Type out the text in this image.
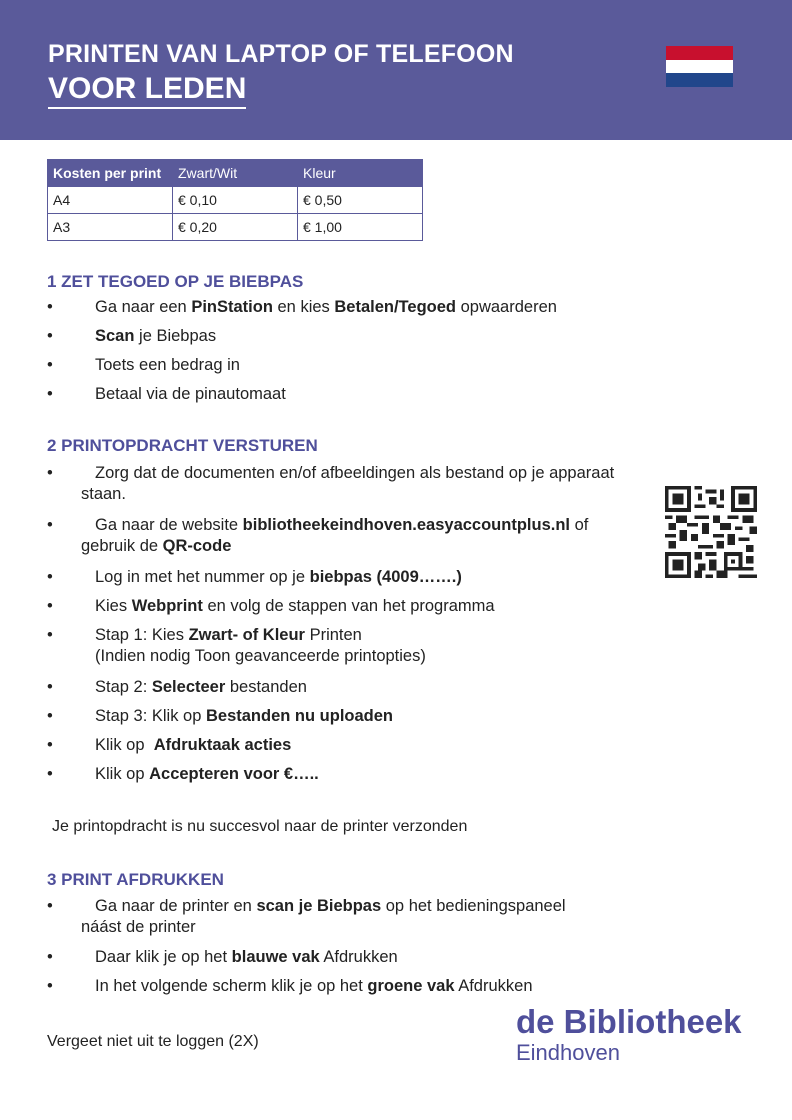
PRINTEN VAN LAPTOP OF TELEFOON
VOOR LEDEN
Kosten per print	Zwart/Wit	Kleur
A4	€ 0,10	€ 0,50
A3	€ 0,20	€ 1,00
1 ZET TEGOED OP JE BIEBPAS
•	Ga naar een PinStation en kies Betalen/Tegoed opwaarderen
•	Scan je Biebpas
•	Toets een bedrag in
•	Betaal via de pinautomaat
2 PRINTOPDRACHT VERSTUREN
•	Zorg dat de documenten en/of afbeeldingen als bestand op je apparaat
staan.
•	Ga naar de website bibliotheekeindhoven.easyaccountplus.nl of
gebruik de QR-code
•	Log in met het nummer op je biebpas (4009…….)
•	Kies Webprint en volg de stappen van het programma
•	Stap 1: Kies Zwart- of Kleur Printen
(Indien nodig Toon geavanceerde printopties)
•	Stap 2: Selecteer bestanden
•	Stap 3: Klik op Bestanden nu uploaden
•	Klik op  Afdruktaak acties
•	Klik op Accepteren voor €…..
Je printopdracht is nu succesvol naar de printer verzonden
3 PRINT AFDRUKKEN
•	Ga naar de printer en scan je Biebpas op het bedieningspaneel
náást de printer
•	Daar klik je op het blauwe vak Afdrukken
•	In het volgende scherm klik je op het groene vak Afdrukken
Vergeet niet uit te loggen (2X)
de Bibliotheek
Eindhoven
